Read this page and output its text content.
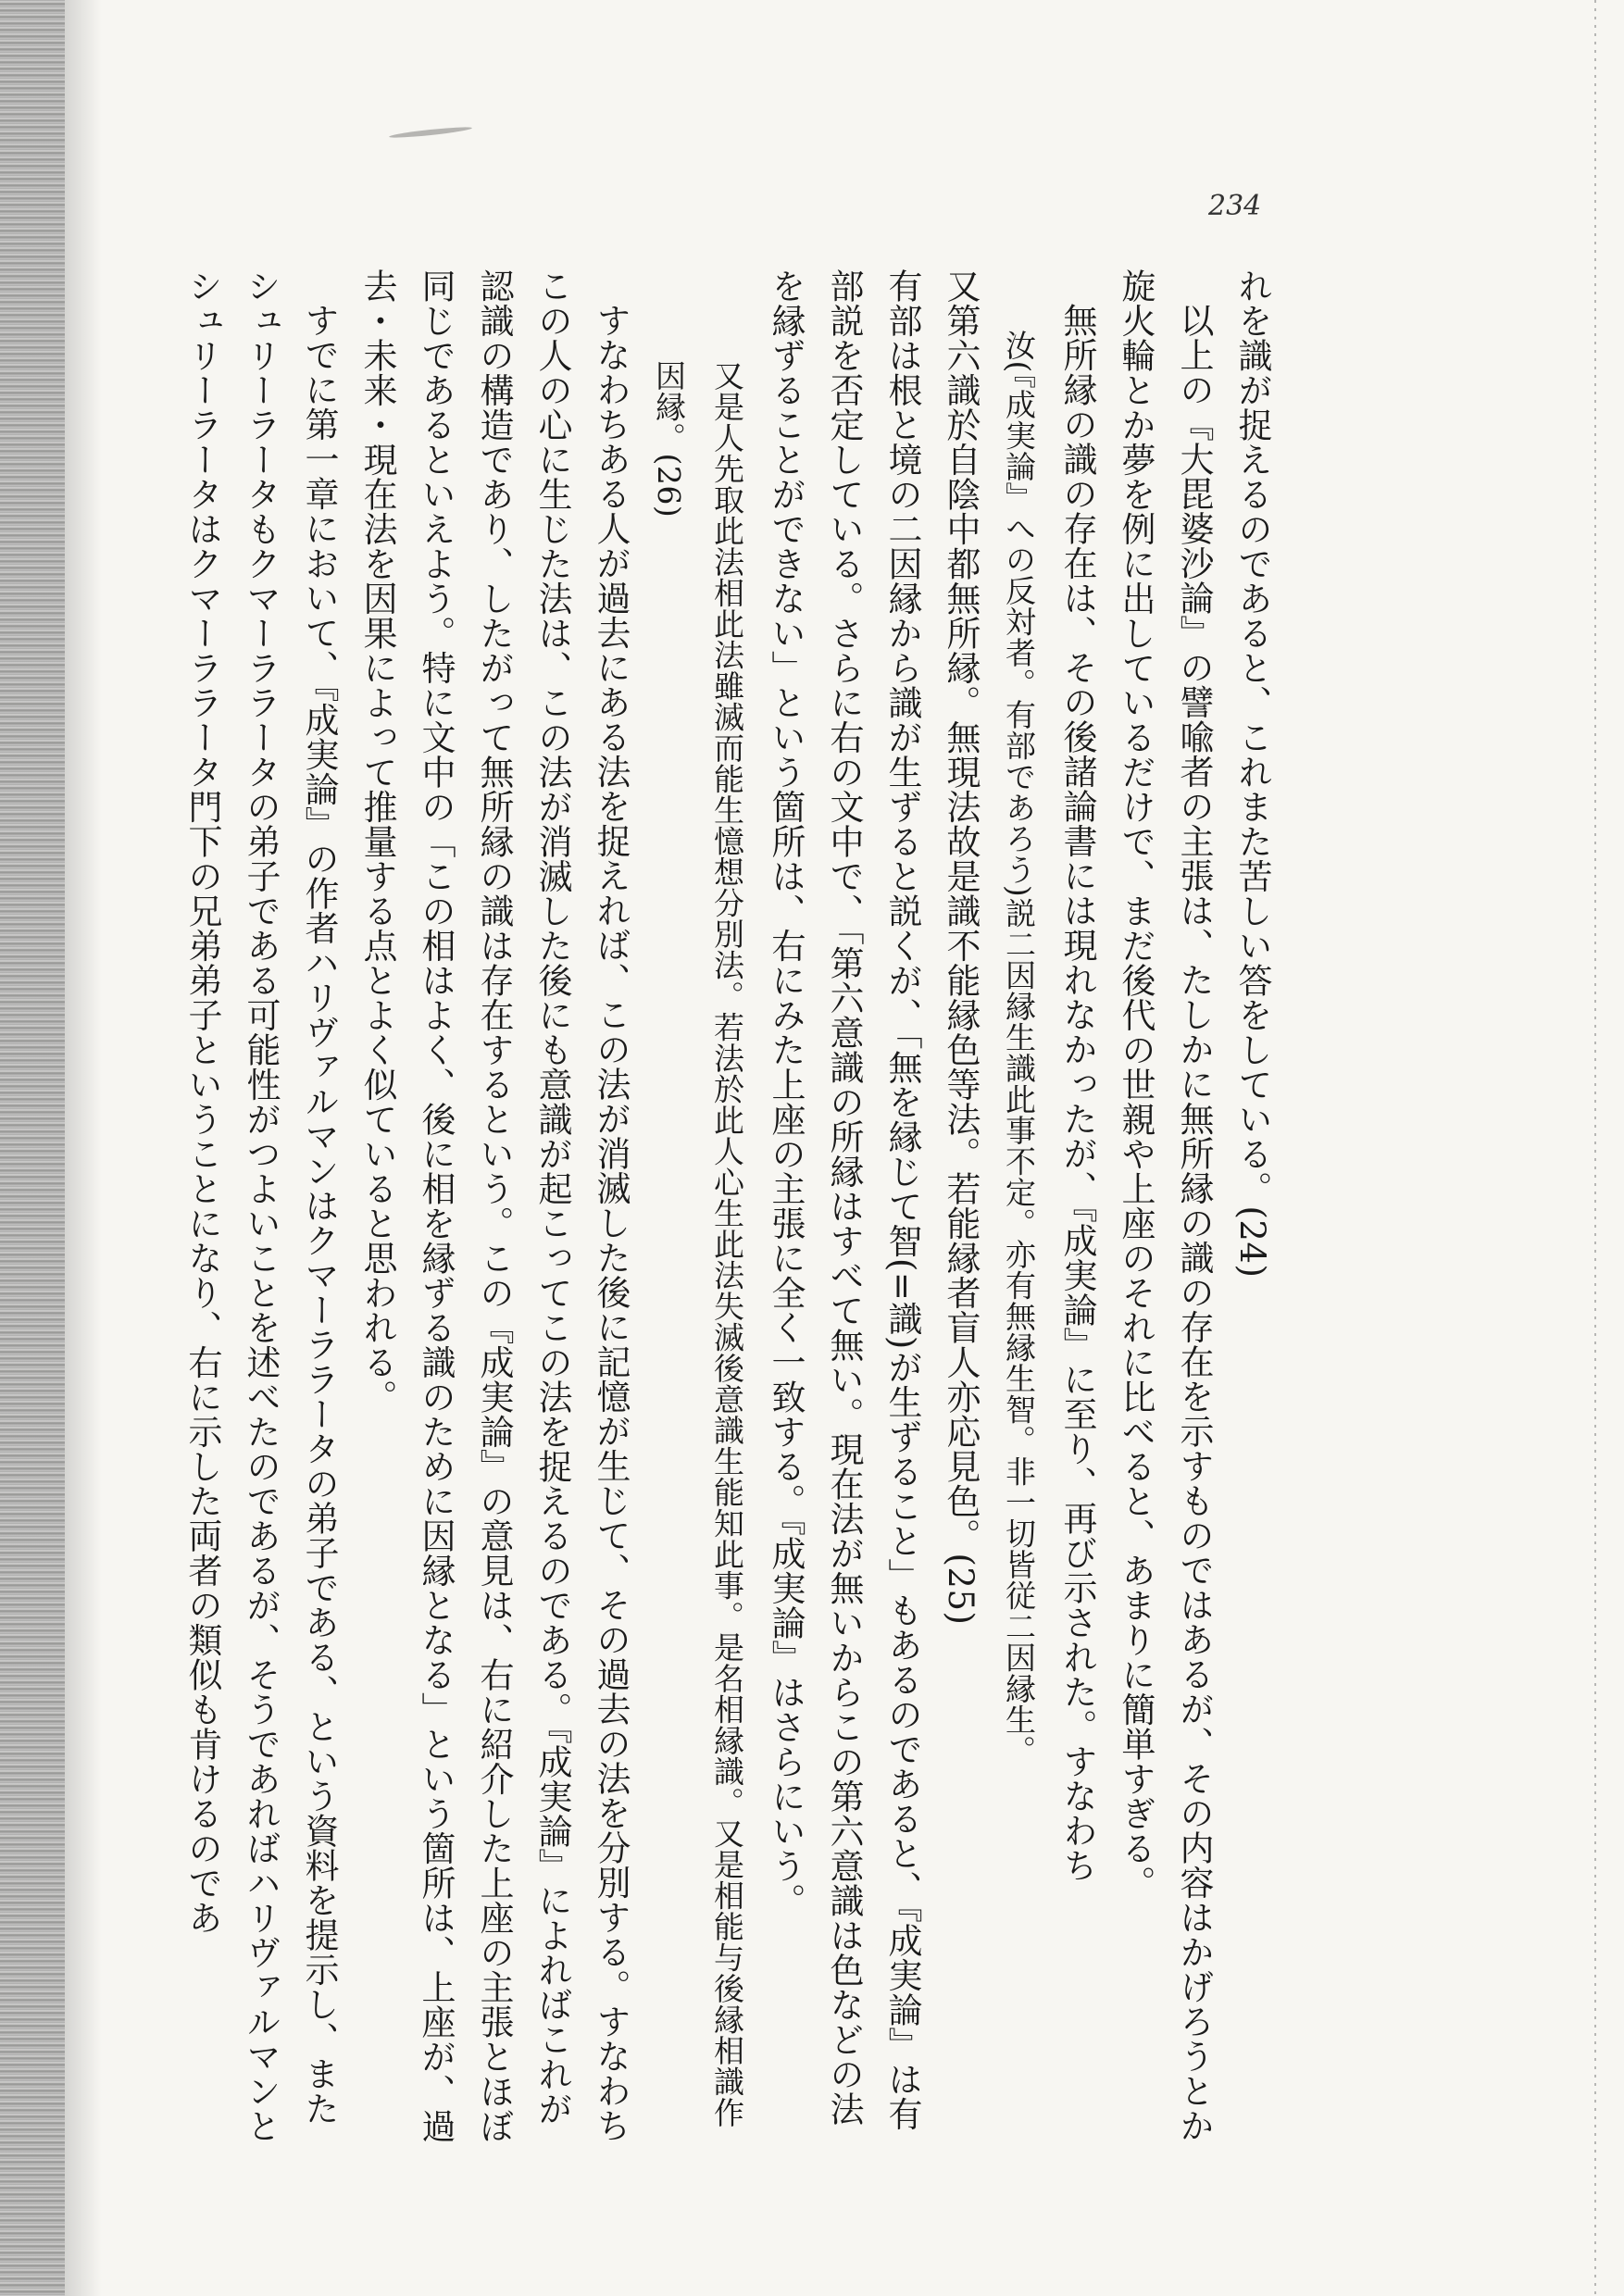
234

れを識が捉えるのであると、これまた苦しい答をしている。(24)

以上の『大毘婆沙論』の譬喩者の主張は、たしかに無所縁の識の存在を示すものではあるが、その内容はかげろうとか旋火輪とか夢を例に出しているだけで、まだ後代の世親や上座のそれに比べると、あまりに簡単すぎる。

無所縁の識の存在は、その後諸論書には現れなかったが、『成実論』に至り、再び示された。すなわち

汝(『成実論』への反対者。有部であろう)説二因縁生識此事不定。亦有無縁生智。非一切皆従二因縁生。

又第六識於自陰中都無所縁。無現法故是識不能縁色等法。若能縁者盲人亦応見色。(25)

有部は根と境の二因縁から識が生ずると説くが、「無を縁じて智(=識)が生ずること」もあるのであると、『成実論』は有部説を否定している。さらに右の文中で、「第六意識の所縁はすべて無い。現在法が無いからこの第六意識は色などの法を縁ずることができない」という箇所は、右にみた上座の主張に全く一致する。『成実論』はさらにいう。

又是人先取此法相此法雖滅而能生憶想分別法。若法於此人心生此法失滅後意識生能知此事。是名相縁識。又是相能与後縁相識作因縁。(26)

すなわちある人が過去にある法を捉えれば、この法が消滅した後に記憶が生じて、その過去の法を分別する。すなわちこの人の心に生じた法は、この法が消滅した後にも意識が起こってこの法を捉えるのである。『成実論』によればこれが認識の構造であり、したがって無所縁の識は存在するという。この『成実論』の意見は、右に紹介した上座の主張とほぼ同じであるといえよう。特に文中の「この相はよく、後に相を縁ずる識のために因縁となる」という箇所は、上座が、過去・未来・現在法を因果によって推量する点とよく似ていると思われる。

すでに第一章において、『成実論』の作者ハリヴァルマンはクマーララータの弟子である、という資料を提示し、またシュリーラータもクマーララータの弟子である可能性がつよいことを述べたのであるが、そうであればハリヴァルマンとシュリーラータはクマーララータ門下の兄弟弟子ということになり、右に示した両者の類似も肯けるのであ
